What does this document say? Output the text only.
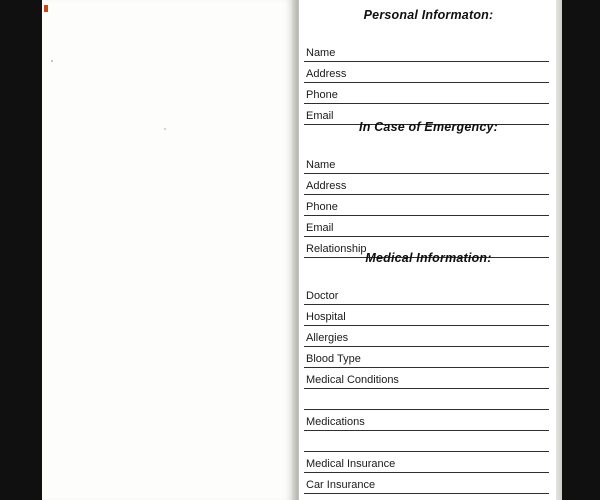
Personal Informaton:
Name
Address
Phone
Email
In Case of Emergency:
Name
Address
Phone
Email
Relationship
Medical Information:
Doctor
Hospital
Allergies
Blood Type
Medical Conditions
Medications
Medical Insurance
Car Insurance
